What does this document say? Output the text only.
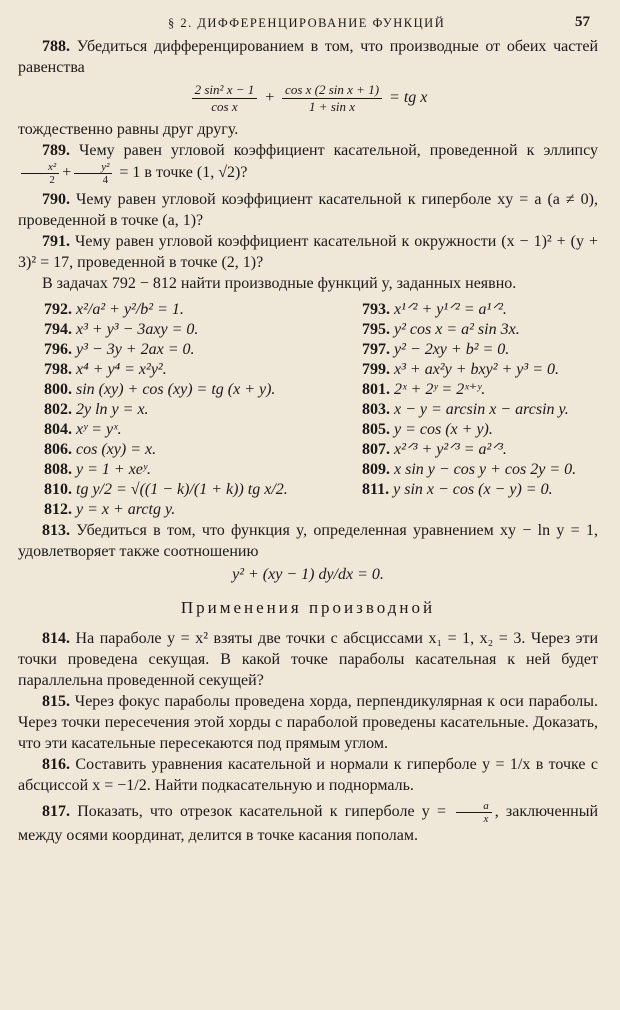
§ 2. ДИФФЕРЕНЦИРОВАНИЕ ФУНКЦИЙ	57

788. Убедиться дифференцированием в том, что производные от обеих частей равенства

$\frac{\text{2 sin² x − 1}}{\text{cos x}} + \frac{\text{cos x (2 sin x + 1)}}{\text{1 + sin x}}$ = tg x

тождественно равны друг другу.

789. Чему равен угловой коэффициент касательной, проведенной к эллипсу
$\frac{\text{x²}}{2} + \frac{\text{y²}}{4} = 1$ в точке (1, √2)?

790. Чему равен угловой коэффициент касательной к гиперболе xy = a (a ≠ 0), проведенной в точке (a, 1)?

791. Чему равен угловой коэффициент касательной к окружности (x − 1)² + (y + 3)² = 17, проведенной в точке (2, 1)?

В задачах 792 − 812 найти производные функций y, заданных неявно.

792. x²/a² + y²/b² = 1.	793. x¹ᐟ² + y¹ᐟ² = a¹ᐟ².
794. x³ + y³ − 3axy = 0.	795. y² cos x = a² sin 3x.
796. y³ − 3y + 2ax = 0.	797. y² − 2xy + b² = 0.
798. x⁴ + y⁴ = x²y².	799. x³ + ax²y + bxy² + y³ = 0.
800. sin (xy) + cos (xy) = tg (x + y).	801. 2ˣ + 2ʸ = 2ˣ⁺ʸ.
802. 2y ln y = x.	803. x − y = arcsin x − arcsin y.
804. xʸ = yˣ.	805. y = cos (x + y).
806. cos (xy) = x.	807. x²ᐟ³ + y²ᐟ³ = a²ᐟ³.
808. y = 1 + xeʸ.	809. x sin y − cos y + cos 2y = 0.
810. tg y/2 = √((1 − k)/(1 + k)) tg x/2.	811. y sin x − cos (x − y) = 0.
812. y = x + arctg y.

813. Убедиться в том, что функция y, определенная уравнением xy − ln y = 1, удовлетворяет также соотношению

y² + (xy − 1) dy/dx = 0.
Применения производной

814. На параболе y = x² взяты две точки с абсциссами x₁ = 1, x₂ = 3. Через эти точки проведена секущая. В какой точке параболы касательная к ней будет параллельна проведенной секущей?

815. Через фокус параболы проведена хорда, перпендикулярная к оси параболы. Через точки пересечения этой хорды с параболой проведены касательные. Доказать, что эти касательные пересекаются под прямым углом.

816. Составить уравнения касательной и нормали к гиперболе y = 1/x в точке с абсциссой x = −1/2. Найти подкасательную и поднормаль.

817. Показать, что отрезок касательной к гиперболе $y = \frac{a}{x}$ , заключенный между осями координат, делится в точке касания пополам.
